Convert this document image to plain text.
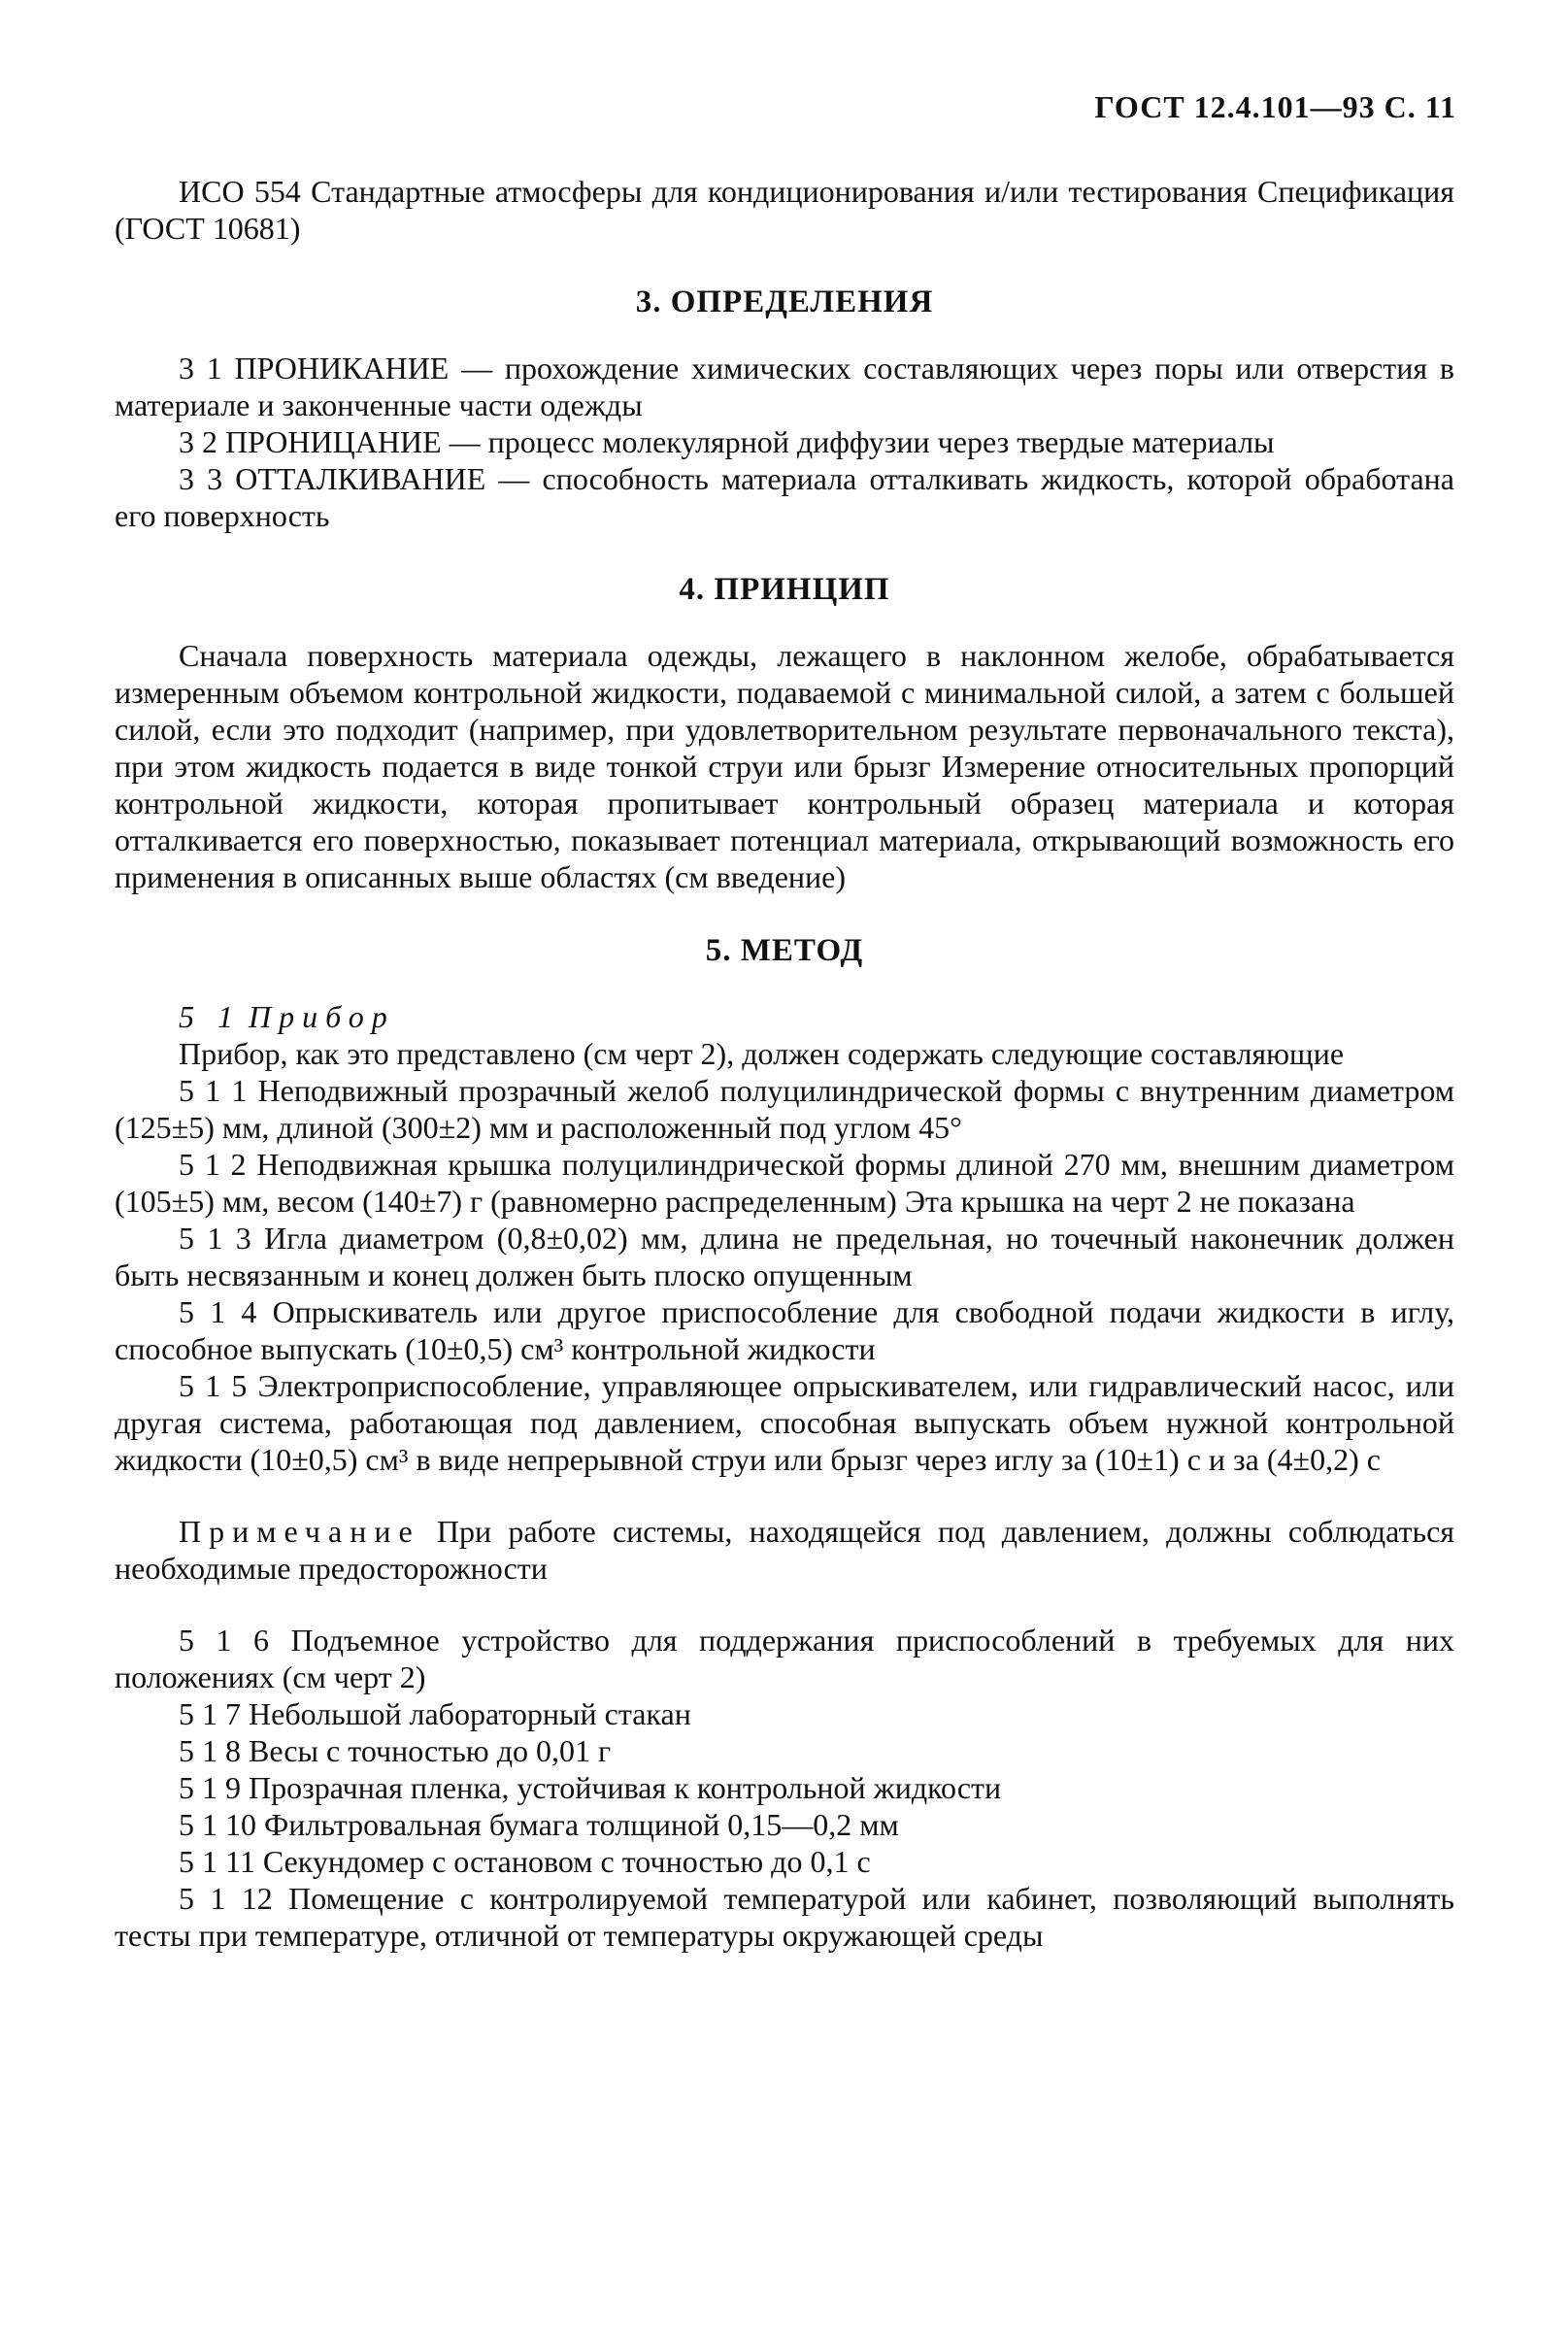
ГОСТ 12.4.101—93 С. 11

ИСО 554 Стандартные атмосферы для кондиционирования и/или тестирования Спецификация (ГОСТ 10681)

3. ОПРЕДЕЛЕНИЯ

3 1 ПРОНИКАНИЕ — прохождение химических составляющих через поры или отверстия в материале и законченные части одежды

3 2 ПРОНИЦАНИЕ — процесс молекулярной диффузии через твердые материалы

3 3 ОТТАЛКИВАНИЕ — способность материала отталкивать жидкость, которой обработана его поверхность

4. ПРИНЦИП

Сначала поверхность материала одежды, лежащего в наклонном желобе, обрабатывается измеренным объемом контрольной жидкости, подаваемой с минимальной силой, а затем с большей силой, если это подходит (например, при удовлетворительном результате первоначального текста), при этом жидкость подается в виде тонкой струи или брызг Измерение относительных пропорций контрольной жидкости, которая пропитывает контрольный образец материала и которая отталкивается его поверхностью, показывает потенциал материала, открывающий возможность его применения в описанных выше областях (см введение)

5. МЕТОД

5 1 Прибор

Прибор, как это представлено (см черт 2), должен содержать следующие составляющие

5 1 1 Неподвижный прозрачный желоб полуцилиндрической формы с внутренним диаметром (125±5) мм, длиной (300±2) мм и расположенный под углом 45°

5 1 2 Неподвижная крышка полуцилиндрической формы длиной 270 мм, внешним диаметром (105±5) мм, весом (140±7) г (равномерно распределенным) Эта крышка на черт 2 не показана

5 1 3 Игла диаметром (0,8±0,02) мм, длина не предельная, но точечный наконечник должен быть несвязанным и конец должен быть плоско опущенным

5 1 4 Опрыскиватель или другое приспособление для свободной подачи жидкости в иглу, способное выпускать (10±0,5) см³ контрольной жидкости

5 1 5 Электроприспособление, управляющее опрыскивателем, или гидравлический насос, или другая система, работающая под давлением, способная выпускать объем нужной контрольной жидкости (10±0,5) см³ в виде непрерывной струи или брызг через иглу за (10±1) с и за (4±0,2) с

Примечание При работе системы, находящейся под давлением, должны соблюдаться необходимые предосторожности

5 1 6 Подъемное устройство для поддержания приспособлений в требуемых для них положениях (см черт 2)

5 1 7 Небольшой лабораторный стакан

5 1 8 Весы с точностью до 0,01 г

5 1 9 Прозрачная пленка, устойчивая к контрольной жидкости

5 1 10 Фильтровальная бумага толщиной 0,15—0,2 мм

5 1 11 Секундомер с остановом с точностью до 0,1 с

5 1 12 Помещение с контролируемой температурой или кабинет, позволяющий выполнять тесты при температуре, отличной от температуры окружающей среды
